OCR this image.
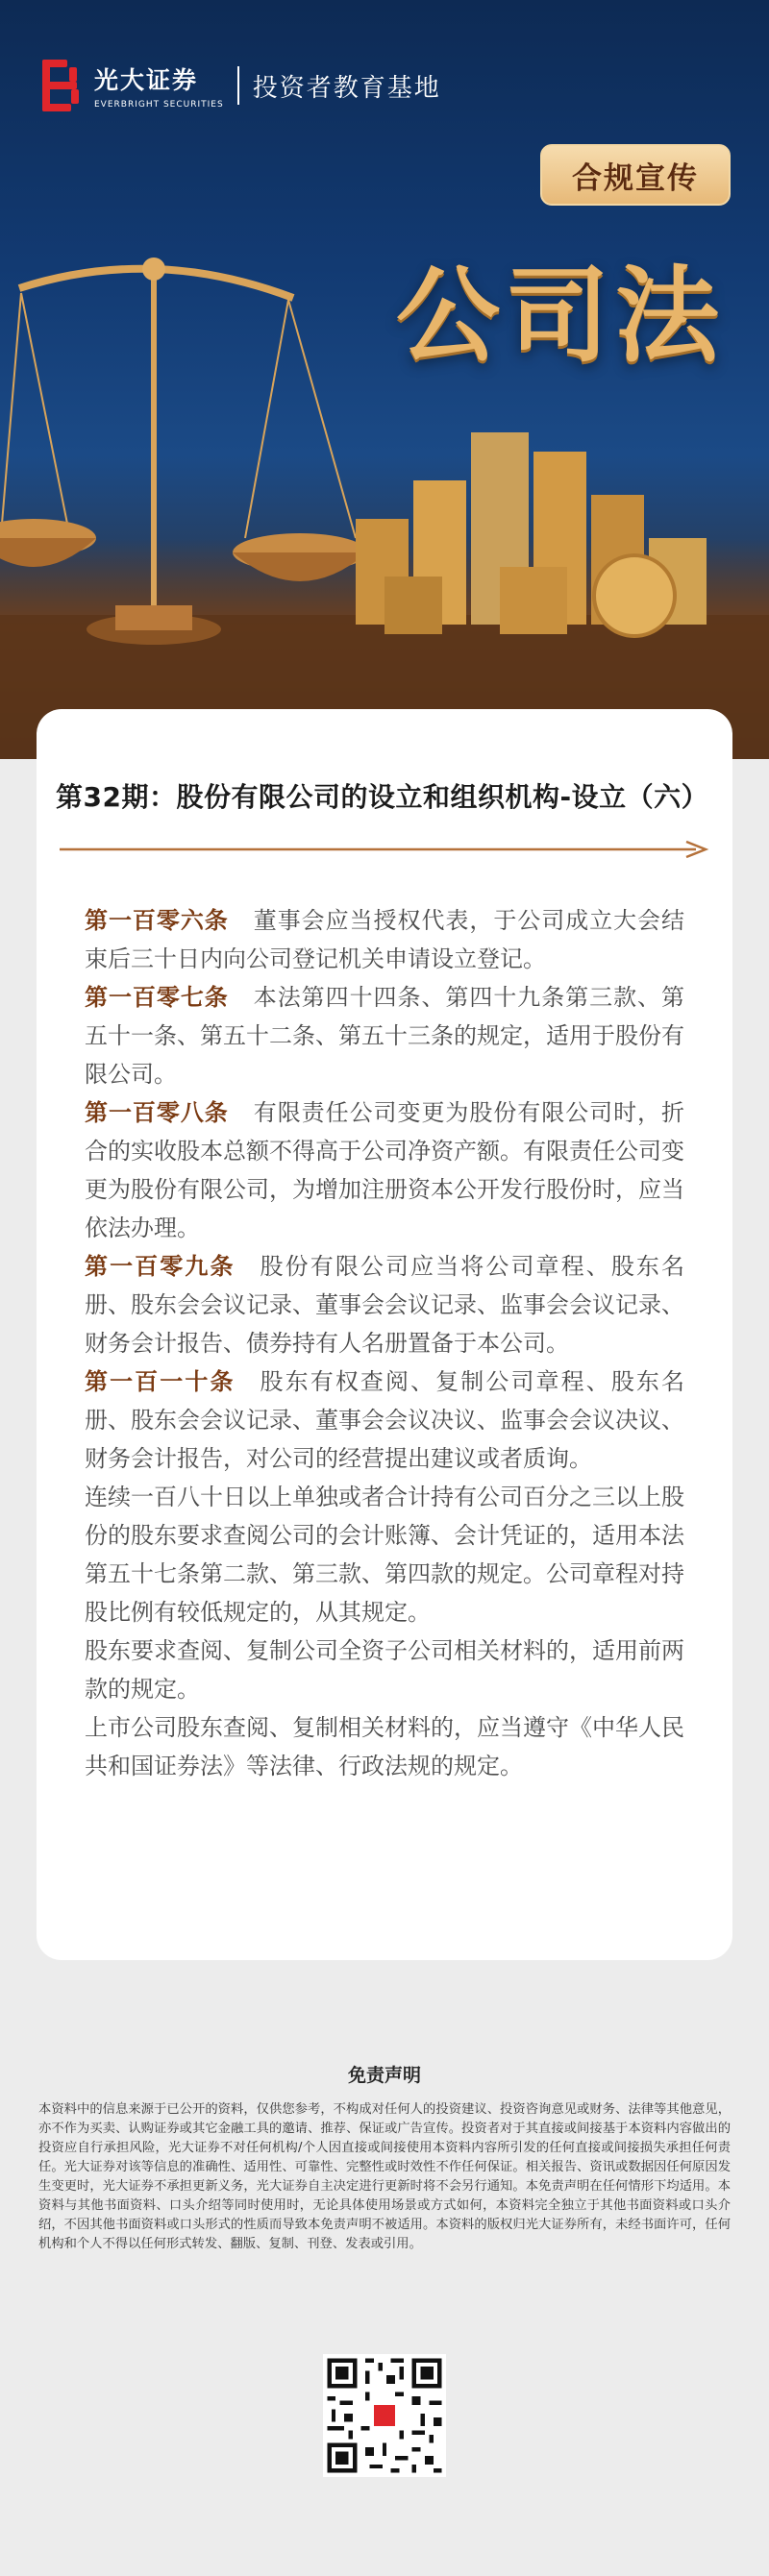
光大证券
EVERBRIGHT SECURITIES
投资者教育基地
合规宣传
公司法
第32期：股份有限公司的设立和组织机构-设立（六）

第一百零六条 董事会应当授权代表，于公司成立大会结束后三十日内向公司登记机关申请设立登记。

第一百零七条 本法第四十四条、第四十九条第三款、第五十一条、第五十二条、第五十三条的规定，适用于股份有限公司。

第一百零八条 有限责任公司变更为股份有限公司时，折合的实收股本总额不得高于公司净资产额。有限责任公司变更为股份有限公司，为增加注册资本公开发行股份时，应当依法办理。

第一百零九条 股份有限公司应当将公司章程、股东名册、股东会会议记录、董事会会议记录、监事会会议记录、财务会计报告、债券持有人名册置备于本公司。

第一百一十条 股东有权查阅、复制公司章程、股东名册、股东会会议记录、董事会会议决议、监事会会议决议、财务会计报告，对公司的经营提出建议或者质询。

连续一百八十日以上单独或者合计持有公司百分之三以上股份的股东要求查阅公司的会计账簿、会计凭证的，适用本法第五十七条第二款、第三款、第四款的规定。公司章程对持股比例有较低规定的，从其规定。

股东要求查阅、复制公司全资子公司相关材料的，适用前两款的规定。

上市公司股东查阅、复制相关材料的，应当遵守《中华人民共和国证券法》等法律、行政法规的规定。

免责声明
本资料中的信息来源于已公开的资料，仅供您参考，不构成对任何人的投资建议、投资咨询意见或财务、法律等其他意见，亦不作为买卖、认购证券或其它金融工具的邀请、推荐、保证或广告宣传。投资者对于其直接或间接基于本资料内容做出的投资应自行承担风险，光大证券不对任何机构/个人因直接或间接使用本资料内容所引发的任何直接或间接损失承担任何责任。光大证券对该等信息的准确性、适用性、可靠性、完整性或时效性不作任何保证。相关报告、资讯或数据因任何原因发生变更时，光大证券不承担更新义务，光大证券自主决定进行更新时将不会另行通知。本免责声明在任何情形下均适用。本资料与其他书面资料、口头介绍等同时使用时，无论具体使用场景或方式如何，本资料完全独立于其他书面资料或口头介绍，不因其他书面资料或口头形式的性质而导致本免责声明不被适用。本资料的版权归光大证券所有，未经书面许可，任何机构和个人不得以任何形式转发、翻版、复制、刊登、发表或引用。
